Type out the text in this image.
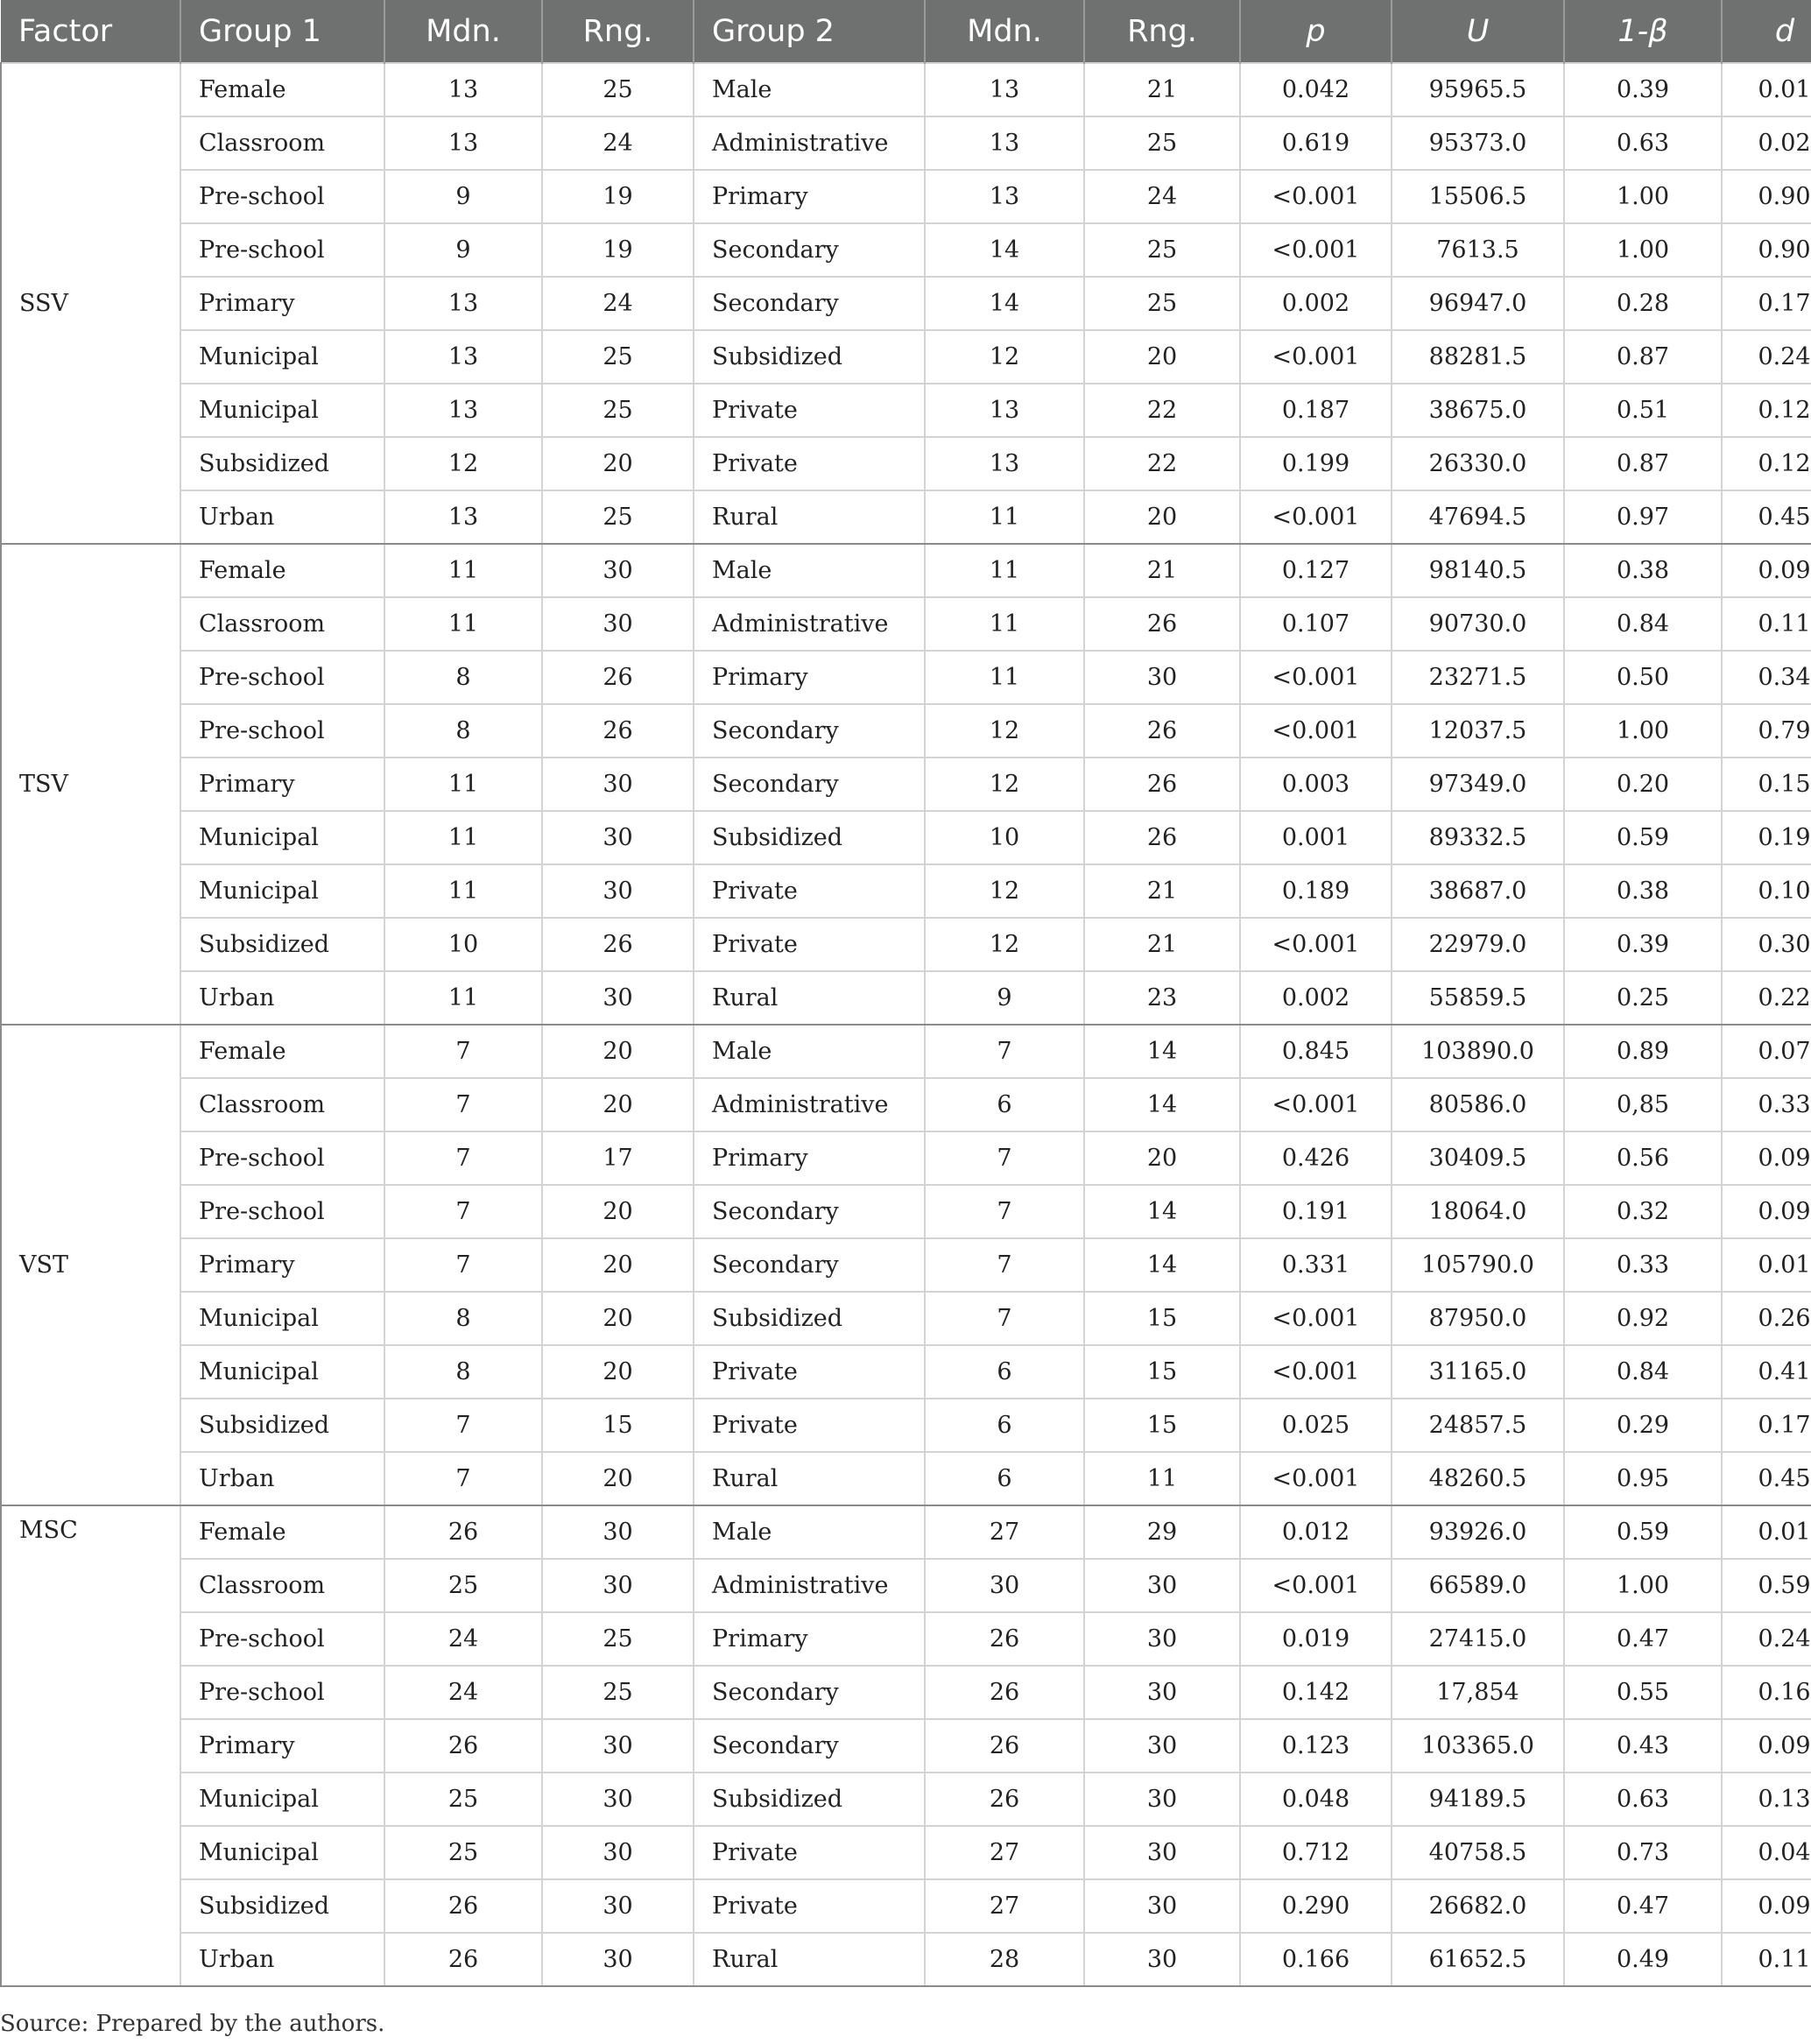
Factor	Group 1	Mdn.	Rng.	Group 2	Mdn.	Rng.	p	U	1-β	d
SSV	Female	13	25	Male	13	21	0.042	95965.5	0.39	0.01
	Classroom	13	24	Administrative	13	25	0.619	95373.0	0.63	0.02
	Pre-school	9	19	Primary	13	24	<0.001	15506.5	1.00	0.90
	Pre-school	9	19	Secondary	14	25	<0.001	7613.5	1.00	0.90
	Primary	13	24	Secondary	14	25	0.002	96947.0	0.28	0.17
	Municipal	13	25	Subsidized	12	20	<0.001	88281.5	0.87	0.24
	Municipal	13	25	Private	13	22	0.187	38675.0	0.51	0.12
	Subsidized	12	20	Private	13	22	0.199	26330.0	0.87	0.12
	Urban	13	25	Rural	11	20	<0.001	47694.5	0.97	0.45
TSV	Female	11	30	Male	11	21	0.127	98140.5	0.38	0.09
	Classroom	11	30	Administrative	11	26	0.107	90730.0	0.84	0.11
	Pre-school	8	26	Primary	11	30	<0.001	23271.5	0.50	0.34
	Pre-school	8	26	Secondary	12	26	<0.001	12037.5	1.00	0.79
	Primary	11	30	Secondary	12	26	0.003	97349.0	0.20	0.15
	Municipal	11	30	Subsidized	10	26	0.001	89332.5	0.59	0.19
	Municipal	11	30	Private	12	21	0.189	38687.0	0.38	0.10
	Subsidized	10	26	Private	12	21	<0.001	22979.0	0.39	0.30
	Urban	11	30	Rural	9	23	0.002	55859.5	0.25	0.22
VST	Female	7	20	Male	7	14	0.845	103890.0	0.89	0.07
	Classroom	7	20	Administrative	6	14	<0.001	80586.0	0,85	0.33
	Pre-school	7	17	Primary	7	20	0.426	30409.5	0.56	0.09
	Pre-school	7	20	Secondary	7	14	0.191	18064.0	0.32	0.09
	Primary	7	20	Secondary	7	14	0.331	105790.0	0.33	0.01
	Municipal	8	20	Subsidized	7	15	<0.001	87950.0	0.92	0.26
	Municipal	8	20	Private	6	15	<0.001	31165.0	0.84	0.41
	Subsidized	7	15	Private	6	15	0.025	24857.5	0.29	0.17
	Urban	7	20	Rural	6	11	<0.001	48260.5	0.95	0.45
MSC	Female	26	30	Male	27	29	0.012	93926.0	0.59	0.01
	Classroom	25	30	Administrative	30	30	<0.001	66589.0	1.00	0.59
	Pre-school	24	25	Primary	26	30	0.019	27415.0	0.47	0.24
	Pre-school	24	25	Secondary	26	30	0.142	17,854	0.55	0.16
	Primary	26	30	Secondary	26	30	0.123	103365.0	0.43	0.09
	Municipal	25	30	Subsidized	26	30	0.048	94189.5	0.63	0.13
	Municipal	25	30	Private	27	30	0.712	40758.5	0.73	0.04
	Subsidized	26	30	Private	27	30	0.290	26682.0	0.47	0.09
	Urban	26	30	Rural	28	30	0.166	61652.5	0.49	0.11
Source: Prepared by the authors.
